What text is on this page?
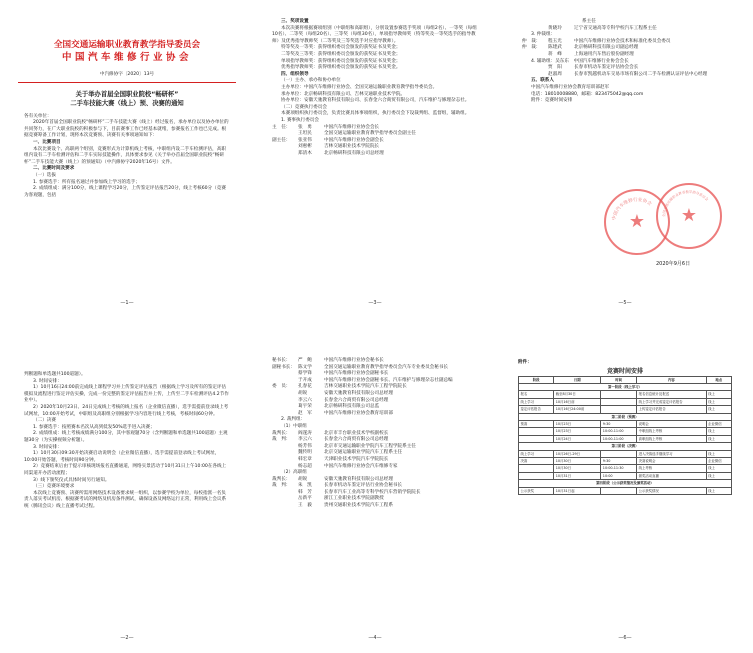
全国交通运输职业教育教学指导委员会
中国汽车维修行业协会
中汽修协字〔2020〕13号
关于举办首届全国职业院校“畅研杯”
二手车技能大赛（线上）预、决赛的通知
各有关单位：
2020年首届全国职业院校“畅研杯”二手车技能大赛（线上）经过报名，承办单位以及协办单位的共同努力，在广大职业院校的积极参与下，目前赛事工作已经基本就绪，参赛报名工作也已完成。根据竞赛筹备工作计划，现将本次竞赛预、决赛有关事项通知如下：
一、比赛项目
本次比赛设个、高职两个组别，竞赛形式为计算机线上考核，中职组内设二手车检测评估，高职组内设有二手车检测评估和二手车实际技能操作，具体要求参见《关于举办首届全国职业院校“畅研杯”二手车技能大赛（线上）的预通知》（中汽修协字2020年16号）文件。
二、比赛时间及要求
（一）选拔
1. 参赛选手：所有报名通过并参加线上学习的选手；
2. 成绩组成：满分100分，线上课程学习20分，上传鉴定评估报告20分，线上考核60分（竞赛为客观题，包括
—1—
判断题和单选题共100道题）。
3. 时间安排：
1）10月16日24:00前完成线上课程学习并上传鉴定评估报告（根据线上学习及所有的鉴定评估模拟及流程进行鉴定评估实操，完成一份完整的鉴定评估报告并上传，上传至二手车检测评估4.2节作业中）。
2）2020年10月23日、24日完成线上考核的线上报名（企业微信直播），选手需提前登录线上考试网址，10:00开始考试，中职组及高职组分别根据学习内容进行线上考核，考核时间60分钟。
（二）决赛
1. 参赛选手：按照赛本名次从高到低发50%选手进入决赛；
2. 成绩组成：线上考核成绩满分100分，其中客观题70分（含判断题和单选题共100道题）主观题30分（为实操视频分析题）。
3. 时间安排：
1）10月30日09:30开始决赛启动说明会（企业微信直播），选手需提前登录线上考试网址，10:00开始答题，考核时间90分钟。
2）竞赛结束后由于提示审核现场报名直播通道，网络实景活动于10月31日上午10:00在各线上同渠道开办活动流程；
3）线下颁奖仪式具体时间另行通知。
（三）竞赛环境要求
本次线上竞赛预、决赛所需用网络技术设备要求统一组织，以参赛学校为单位，每校指派一名负责人落实考试机房、根据赛考试的网络及机房条件测试，确保设备及网络运行正常，利用线上会议系统（腾讯会议）线上直播考试过程。
—2—
三、奖项设置
本次决赛将根据赛项组别（中职组和高职组），分别设置参赛选手奖项（每组2名）、一等奖（每组10名）、二等奖（每组20名）、三等奖（每组30名），单项指导教师奖（特等奖及一等奖选手的指导教师）及优秀指导教师奖（二等奖及三等奖选手对应指导教师）。
特等奖及一等奖：获得组织委员会颁发的获奖证书及奖金；
二等奖及三等奖：获得组织委员会颁发的获奖证书及奖金；
单项指导教师奖：获得组织委员会颁发的获奖证书及奖金；
优秀指导教师奖：获得组织委员会颁发的获奖证书及奖金。
四、组织领导
（一）主办、承办和协办单位
主办单位：中国汽车维修行业协会、全国交通运输职业教育教学指导委员会。
承办单位：北京畅研科技有限公司、吉林交通职业技术学院。
协办单位：安徽天驰教育科技有限公司、长春金六合商贸有限公司，汽车维护与修理杂志社。
（二）竞赛执行委员会
本赛项组织执行委员会，负责比赛具体事项组织，执行委员会下设裁判组、监督组，辅助组。
1. 赛事执行委员会
主　任：	张　勇	中国汽车维修行业协会会长
王坦民	全国交通运输职业教育教学指导委员会副主任
副主任：	张亚伟	中国汽车维修行业协会副会长
刘惠彬	吉林交通职业技术学院院长
郑清木	北京畅研科技有限公司总经理
—3—
秘书长：	严　鲍	中国汽车维修行业协会秘书长
副秘书长： 陈文学	全国交通运输职业教育教学指导委员会汽车专业委员会秘书长
蔡学锋	中国汽车维修行业协会副秘书长
于开成	中国汽车维修行业协会副秘书长、汽车维护与修理杂志社副总编
委　员：	孔春花	吉林交通职业技术学院汽车工程学院院长
胡锐	安徽天驰教育科技有限公司总经理
李云六	长春金六合商贸有限公司总经理
葛宇荣	北京畅研科技有限公司总监
赵　军	中国汽车维修行业协会教育培训部
2. 裁判组：
（1）中职组
裁判长：	阎遂涛	北京市丰台职业技术学校副校长
裁　判：	李云六	长春金六合商贸有限公司总经理
杨芳伟	北京市交通运输职业学院汽车工程学院系主任
魏传明	北京交通运输职业学院汽车工程系主任
韩宏章	天津职业技术学院汽车学院院长
杨志超	中国汽车维修行业协会汽车维修专家
（2）高职组
裁判长：	胡锐	安徽天驰教育科技有限公司总经理
裁　判：	朱　凯	长春市机动车鉴定评估行业协会秘书长
韩　芳	长春市汽车工业高等专科学校汽车营销学院院长
岳新平	浙江工业职业技术学院副教授
王　毅	贵州交通职业技术学院汽车工程系
—4—
系主任
黄晓玲	辽宁省交通高等专科学校汽车工程系主任
3. 仲裁组：
仲　裁：	程玉光	中国汽车维修行业协会技术和标准化委员会委员
仲　裁：	陈建武	北京畅研科技有限公司副总经理
蒋　峰	上海通用汽车售后股份副经理
4. 辅助组：吴东东　中国汽车维修行业协会会长
贾　阳	长春市机动车鉴定评估协会会长
赵淑周	长春市凯越机动车交易市场有限公司二手车检测认证评估中心经理
五、联系人
中国汽车维修行业协会教育培训部赵军
电话：18010008880，邮箱：823475042@qq.com
附件：竞赛时间安排
中国汽车维修行业协会
★	全国交通运输职业教育教学指导委员会
★
2020年9月6日
—5—
附件：
竞赛时间安排
阶段	日期	时间	内容	地点
第一阶段（线上学习）				
报名	截至8月30日		报名信息统计及报送	线上
线上学习	10月16日前		线上学习并完成鉴定评估报告	线上
鉴定评估报告	10月16日24:00前		上传鉴定评估报告	线上
第二阶段（预赛）				
预赛	10月23日	9:30	说明会	企业微信
	10月23日	10:00-11:00	中职组线上考核	线上
	10月24日	10:00-11:00	高职组线上考核	线上
第三阶段（决赛）				
线上学习	10月26日-29日		进入决赛选手继续学习	线上
决赛	10月30日	9:30	决赛说明会	企业微信
	10月30日	10:00-11:30	线上考核	线上
	10月31日	10:00	颁奖活动直播	线上
第四阶段（公示获奖情况及颁奖活动）				
公示获奖	10月31日起		公示获奖情况	线上
—6—
